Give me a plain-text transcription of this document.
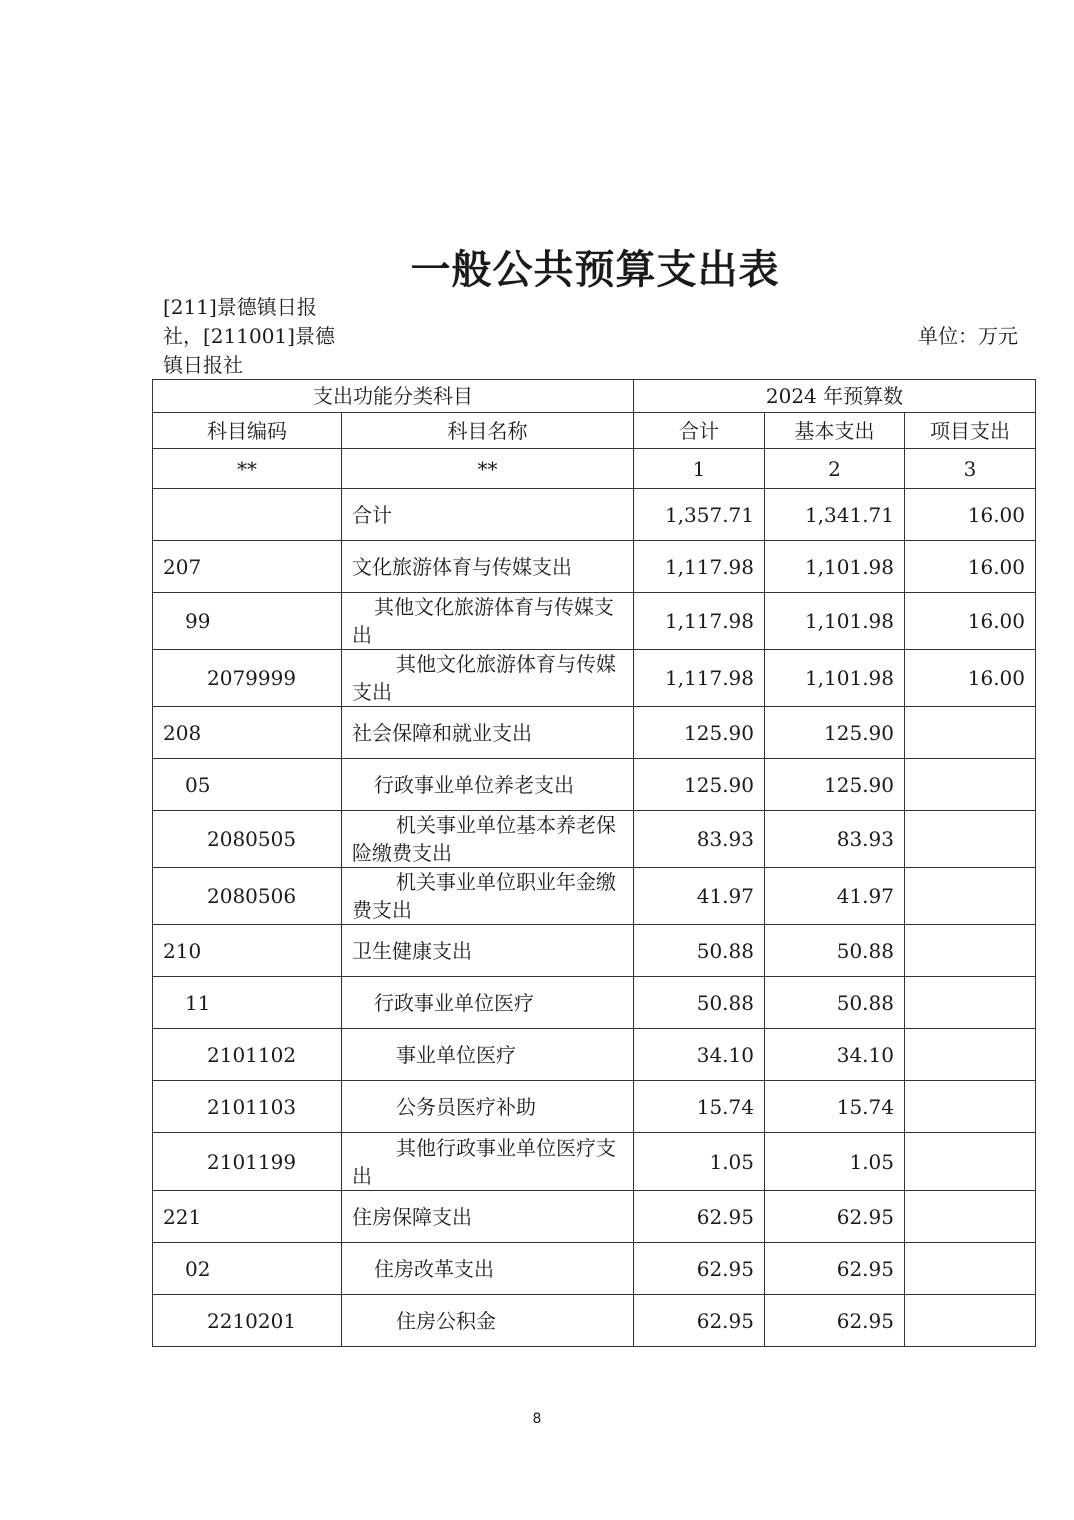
一般公共预算支出表
[211]景德镇日报社，[211001]景德镇日报社
单位：万元
支出功能分类科目		2024 年预算数		
科目编码	科目名称	合计	基本支出	项目支出
**	**	1	2	3
	合计	1,357.71	1,341.71	16.00
207	文化旅游体育与传媒支出	1,117.98	1,101.98	16.00
99	其他文化旅游体育与传媒支出	1,117.98	1,101.98	16.00
2079999	其他文化旅游体育与传媒支出	1,117.98	1,101.98	16.00
208	社会保障和就业支出	125.90	125.90	
05	行政事业单位养老支出	125.90	125.90	
2080505	机关事业单位基本养老保险缴费支出	83.93	83.93	
2080506	机关事业单位职业年金缴费支出	41.97	41.97	
210	卫生健康支出	50.88	50.88	
11	行政事业单位医疗	50.88	50.88	
2101102	事业单位医疗	34.10	34.10	
2101103	公务员医疗补助	15.74	15.74	
2101199	其他行政事业单位医疗支出	1.05	1.05	
221	住房保障支出	62.95	62.95	
02	住房改革支出	62.95	62.95	
2210201	住房公积金	62.95	62.95	
8
